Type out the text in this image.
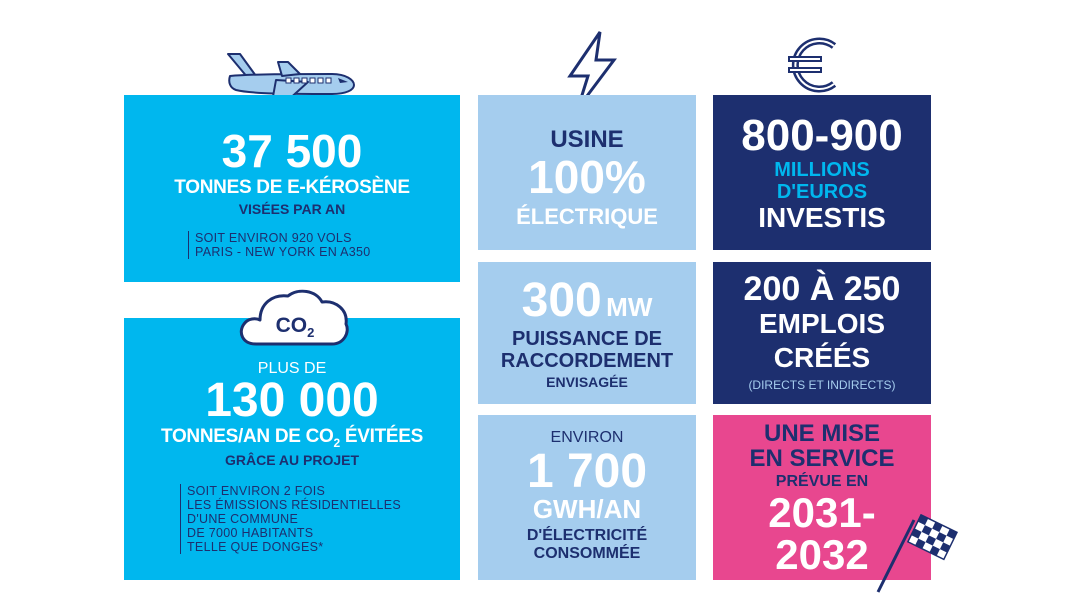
37 500
TONNES DE E-KÉROSÈNE
VISÉES PAR AN
SOIT ENVIRON 920 VOLS
PARIS - NEW YORK EN A350
PLUS DE
130 000
TONNES/AN DE $CO_2$ ÉVITÉES
GRÂCE AU PROJET
SOIT ENVIRON 2 FOIS
LES ÉMISSIONS RÉSIDENTIELLES
D'UNE COMMUNE
DE 7000 HABITANTS
TELLE QUE DONGES*
$CO_2$
USINE
100%
ÉLECTRIQUE
300 MW
PUISSANCE DE
RACCORDEMENT
ENVISAGÉE
ENVIRON
1 700
GWH/AN
D'ÉLECTRICITÉ
CONSOMMÉE
800-900
MILLIONS
D'EUROS
INVESTIS
200 À 250
EMPLOIS
CRÉÉS
(DIRECTS ET INDIRECTS)
UNE MISE
EN SERVICE
PRÉVUE EN
2031-
2032
